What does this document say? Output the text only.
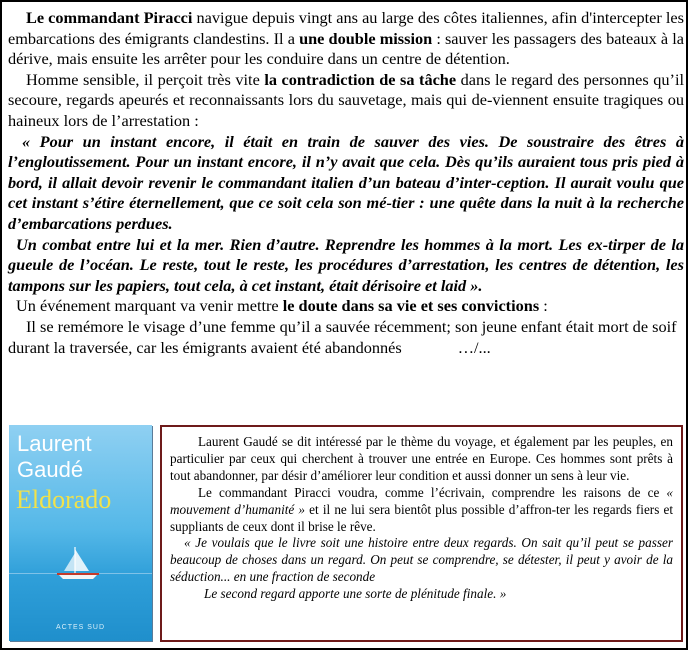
Le commandant Piracci navigue depuis vingt ans au large des côtes italiennes, afin d'intercepter les embarcations des émigrants clandestins. Il a une double mission : sauver les passagers des bateaux à la dérive, mais ensuite les arrêter pour les conduire dans un centre de détention.

Homme sensible, il perçoit très vite la contradiction de sa tâche dans le regard des personnes qu’il secoure, regards apeurés et reconnaissants lors du sauvetage, mais qui de-viennent ensuite tragiques ou haineux lors de l’arrestation :

« Pour un instant encore, il était en train de sauver des vies. De soustraire des êtres à l’engloutissement. Pour un instant encore, il n’y avait que cela. Dès qu’ils auraient tous pris pied à bord, il allait devoir revenir le commandant italien d’un bateau d’inter-ception. Il aurait voulu que cet instant s’étire éternellement, que ce soit cela son mé-tier : une quête dans la nuit à la recherche d’embarcations perdues.

Un combat entre lui et la mer. Rien d’autre. Reprendre les hommes à la mort. Les ex-tirper de la gueule de l’océan. Le reste, tout le reste, les procédures d’arrestation, les centres de détention, les tampons sur les papiers, tout cela, à cet instant, était dérisoire et laid ».

Un événement marquant va venir mettre le doute dans sa vie et ses convictions :

Il se remémore le visage d’une femme qu’il a sauvée récemment; son jeune enfant était mort de soif durant la traversée, car les émigrants avaient été abandonnés	…/...

Laurent
Gaudé
Eldorado
ACTES SUD

Laurent Gaudé se dit intéressé par le thème du voyage, et également par les peuples, en particulier par ceux qui cherchent à trouver une entrée en Europe. Ces hommes sont prêts à tout abandonner, par désir d’améliorer leur condition et aussi donner un sens à leur vie.

Le commandant Piracci voudra, comme l’écrivain, comprendre les raisons de ce « mouvement d’humanité » et il ne lui sera bientôt plus possible d’affron-ter les regards fiers et suppliants de ceux dont il brise le rêve.

« Je voulais que le livre soit une histoire entre deux regards. On sait qu’il peut se passer beaucoup de choses dans un regard. On peut se comprendre, se détester, il peut y avoir de la séduction... en une fraction de seconde

Le second regard apporte une sorte de plénitude finale. »
